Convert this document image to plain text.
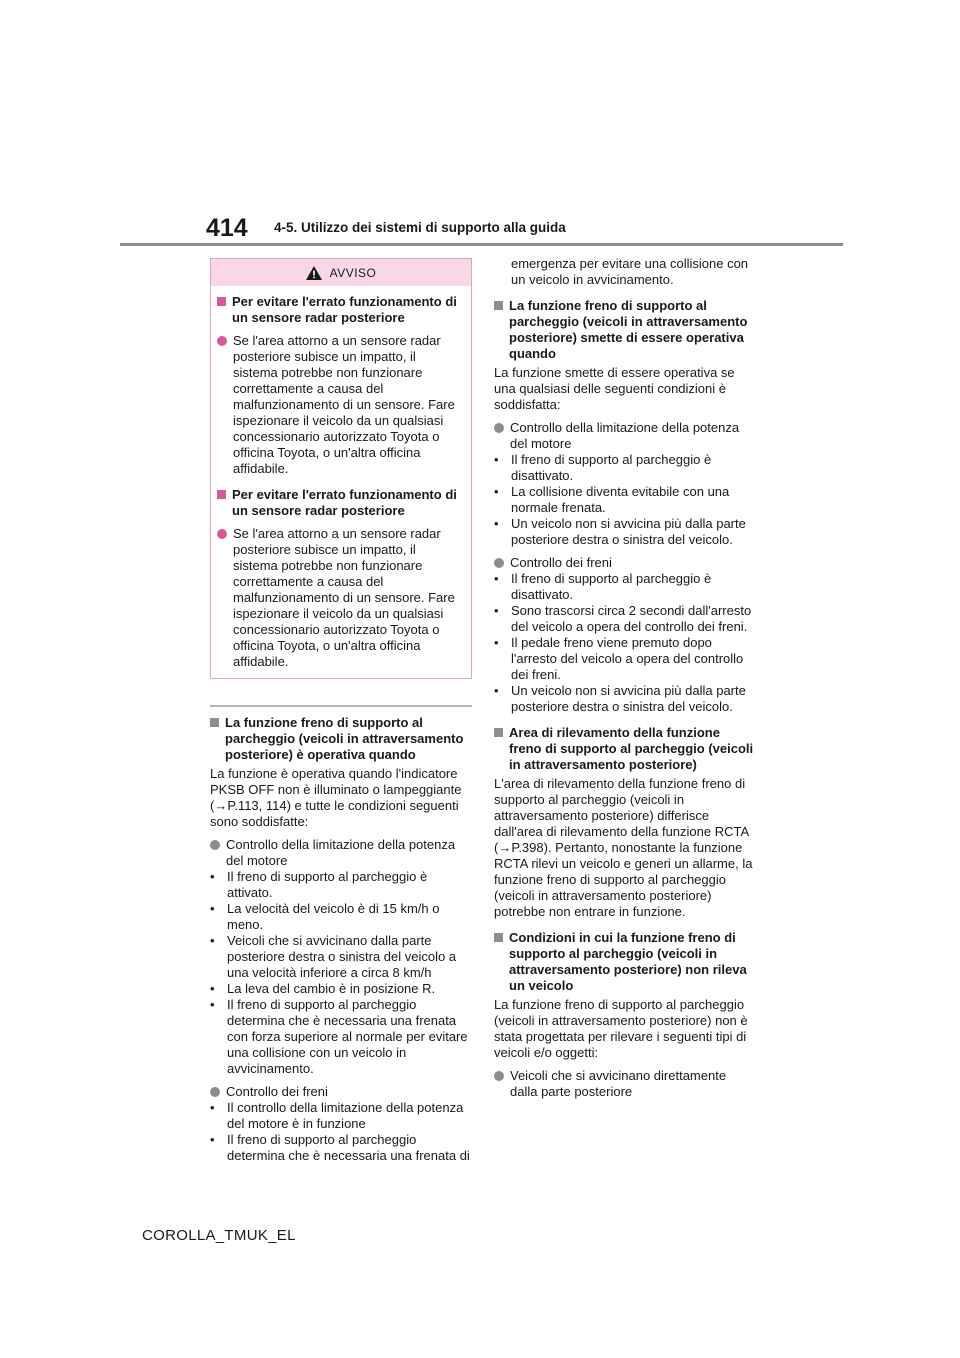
414 4-5. Utilizzo dei sistemi di supporto alla guida
AVVISO
Per evitare l'errato funzionamento di un sensore radar posteriore
Se l'area attorno a un sensore radar posteriore subisce un impatto, il sistema potrebbe non funzionare correttamente a causa del malfunzionamento di un sensore. Fare ispezionare il veicolo da un qualsiasi concessionario autorizzato Toyota o officina Toyota, o un'altra officina affidabile.
Per evitare l'errato funzionamento di un sensore radar posteriore
Se l'area attorno a un sensore radar posteriore subisce un impatto, il sistema potrebbe non funzionare correttamente a causa del malfunzionamento di un sensore. Fare ispezionare il veicolo da un qualsiasi concessionario autorizzato Toyota o officina Toyota, o un'altra officina affidabile.
La funzione freno di supporto al parcheggio (veicoli in attraversamento posteriore) è operativa quando

La funzione è operativa quando l'indicatore PKSB OFF non è illuminato o lampeggiante (→P.113, 114) e tutte le condizioni seguenti sono soddisfatte:

Controllo della limitazione della potenza del motore
• Il freno di supporto al parcheggio è attivato.
• La velocità del veicolo è di 15 km/h o meno.
• Veicoli che si avvicinano dalla parte posteriore destra o sinistra del veicolo a una velocità inferiore a circa 8 km/h
• La leva del cambio è in posizione R.
• Il freno di supporto al parcheggio determina che è necessaria una frenata con forza superiore al normale per evitare una collisione con un veicolo in avvicinamento.
Controllo dei freni
• Il controllo della limitazione della potenza del motore è in funzione
• Il freno di supporto al parcheggio determina che è necessaria una frenata di

emergenza per evitare una collisione con un veicolo in avvicinamento.

La funzione freno di supporto al parcheggio (veicoli in attraversamento posteriore) smette di essere operativa quando

La funzione smette di essere operativa se una qualsiasi delle seguenti condizioni è soddisfatta:

Controllo della limitazione della potenza del motore
• Il freno di supporto al parcheggio è disattivato.
• La collisione diventa evitabile con una normale frenata.
• Un veicolo non si avvicina più dalla parte posteriore destra o sinistra del veicolo.
Controllo dei freni
• Il freno di supporto al parcheggio è disattivato.
• Sono trascorsi circa 2 secondi dall'arresto del veicolo a opera del controllo dei freni.
• Il pedale freno viene premuto dopo l'arresto del veicolo a opera del controllo dei freni.
• Un veicolo non si avvicina più dalla parte posteriore destra o sinistra del veicolo.
Area di rilevamento della funzione freno di supporto al parcheggio (veicoli in attraversamento posteriore)

L'area di rilevamento della funzione freno di supporto al parcheggio (veicoli in attraversamento posteriore) differisce dall'area di rilevamento della funzione RCTA (→P.398). Pertanto, nonostante la funzione RCTA rilevi un veicolo e generi un allarme, la funzione freno di supporto al parcheggio (veicoli in attraversamento posteriore) potrebbe non entrare in funzione.

Condizioni in cui la funzione freno di supporto al parcheggio (veicoli in attraversamento posteriore) non rileva un veicolo

La funzione freno di supporto al parcheggio (veicoli in attraversamento posteriore) non è stata progettata per rilevare i seguenti tipi di veicoli e/o oggetti:

Veicoli che si avvicinano direttamente dalla parte posteriore
COROLLA_TMUK_EL
